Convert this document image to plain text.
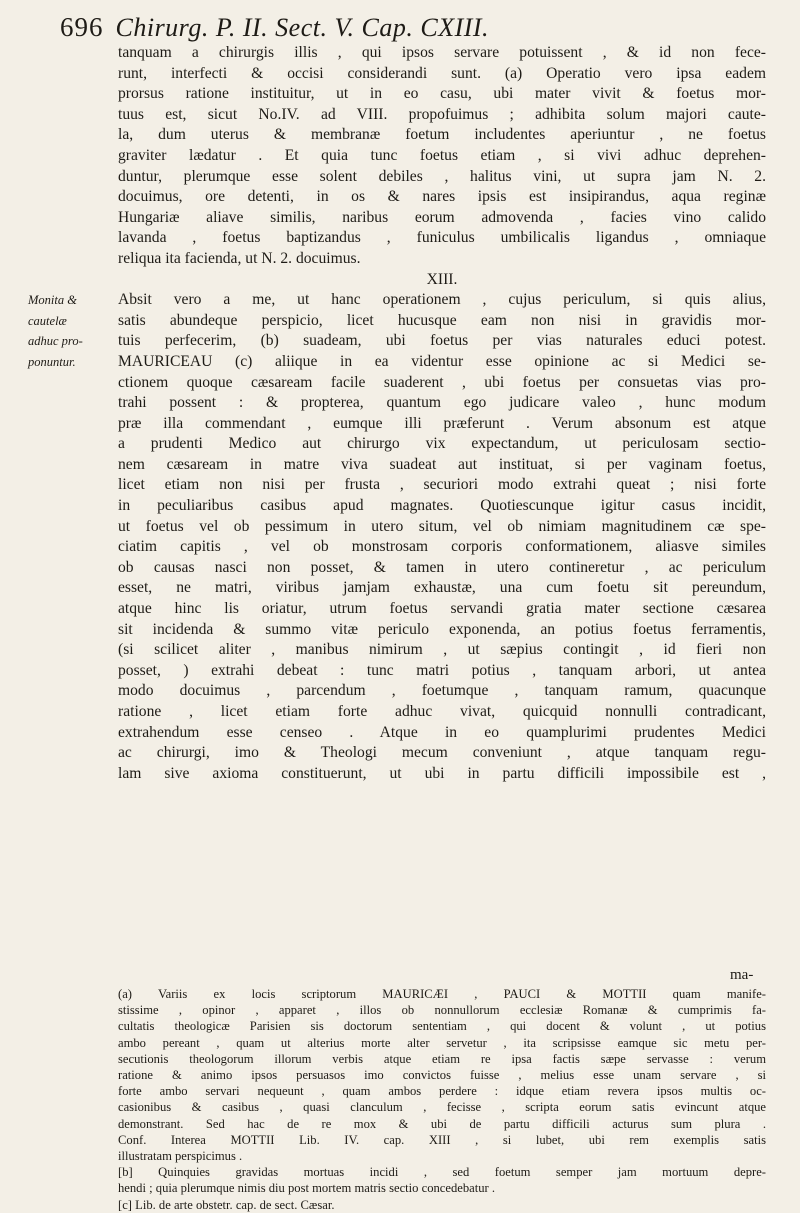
696 Chirurg. P. II. Sect. V. Cap. CXIII.
Monita &
cautelæ
adhuc pro-
ponuntur.

tanquam a chirurgis illis , qui ipsos servare potuissent , & id non fece-
runt, interfecti & occisi considerandi sunt. (a) Operatio vero ipsa eadem
prorsus ratione instituitur, ut in eo casu, ubi mater vivit & foetus mor-
tuus est, sicut No.IV. ad VIII. propofuimus ; adhibita solum majori caute-
la, dum uterus & membranæ foetum includentes aperiuntur , ne foetus
graviter lædatur . Et quia tunc foetus etiam , si vivi adhuc deprehen-
duntur, plerumque esse solent debiles , halitus vini, ut supra jam N. 2.
docuimus, ore detenti, in os & nares ipsis est insipirandus, aqua reginæ
Hungariæ aliave similis, naribus eorum admovenda , facies vino calido
lavanda , foetus baptizandus , funiculus umbilicalis ligandus , omniaque
reliqua ita facienda, ut N. 2. docuimus.

XIII.

Absit vero a me, ut hanc operationem , cujus periculum, si quis alius,
satis abundeque perspicio, licet hucusque eam non nisi in gravidis mor-
tuis perfecerim, (b) suadeam, ubi foetus per vias naturales educi potest.
MAURICEAU (c) aliique in ea videntur esse opinione ac si Medici se-
ctionem quoque cæsaream facile suaderent , ubi foetus per consuetas vias pro-
trahi possent : & propterea, quantum ego judicare valeo , hunc modum
præ illa commendant , eumque illi præferunt . Verum absonum est atque
a prudenti Medico aut chirurgo vix expectandum, ut periculosam sectio-
nem cæsaream in matre viva suadeat aut instituat, si per vaginam foetus,
licet etiam non nisi per frusta , securiori modo extrahi queat ; nisi forte
in peculiaribus casibus apud magnates. Quotiescunque igitur casus incidit,
ut foetus vel ob pessimum in utero situm, vel ob nimiam magnitudinem cæ spe-
ciatim capitis , vel ob monstrosam corporis conformationem, aliasve similes
ob causas nasci non posset, & tamen in utero contineretur , ac periculum
esset, ne matri, viribus jamjam exhaustæ, una cum foetu sit pereundum,
atque hinc lis oriatur, utrum foetus servandi gratia mater sectione cæsarea
sit incidenda & summo vitæ periculo exponenda, an potius foetus ferramentis,
(si scilicet aliter , manibus nimirum , ut sæpius contingit , id fieri non
posset, ) extrahi debeat : tunc matri potius , tanquam arbori, ut antea
modo docuimus , parcendum , foetumque , tanquam ramum, quacunque
ratione , licet etiam forte adhuc vivat, quicquid nonnulli contradicant,
extrahendum esse censeo . Atque in eo quamplurimi prudentes Medici
ac chirurgi, imo & Theologi mecum conveniunt , atque tanquam regu-
lam sive axioma constituerunt, ut ubi in partu difficili impossibile est ,

ma-
(a) Variis ex locis scriptorum MAURICÆI , PAUCI & MOTTII quam manife-
stissime , opinor , apparet , illos ob nonnullorum ecclesiæ Romanæ & cumprimis fa-
cultatis theologicæ Parisien sis doctorum sententiam , qui docent & volunt , ut potius
ambo pereant , quam ut alterius morte alter servetur , ita scripsisse eamque sic metu per-
secutionis theologorum illorum verbis atque etiam re ipsa factis sæpe servasse : verum
ratione & animo ipsos persuasos imo convictos fuisse , melius esse unam servare , si
forte ambo servari nequeunt , quam ambos perdere : idque etiam revera ipsos multis oc-
casionibus & casibus , quasi clanculum , fecisse , scripta eorum satis evincunt atque
demonstrant. Sed hac de re mox & ubi de partu difficili acturus sum plura .
Conf. Interea MOTTII Lib. IV. cap. XIII , si lubet, ubi rem exemplis satis
illustratam perspicimus .
[b] Quinquies gravidas mortuas incidi , sed foetum semper jam mortuum depre-
hendi ; quia plerumque nimis diu post mortem matris sectio concedebatur .
[c] Lib. de arte obstetr. cap. de sect. Cæsar.
